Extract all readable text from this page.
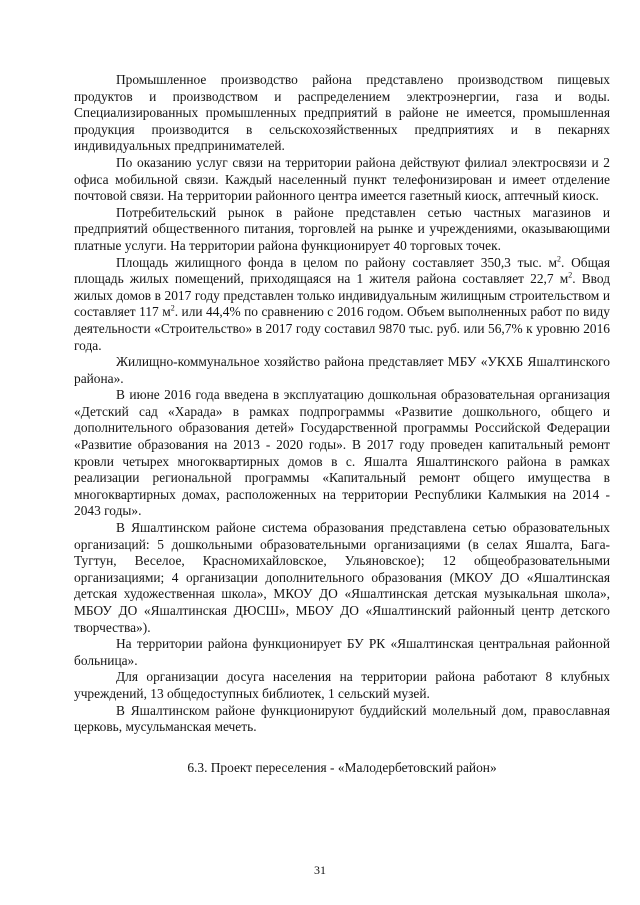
Промышленное производство района представлено производством пищевых продуктов и производством и распределением электроэнергии, газа и воды. Специализированных промышленных предприятий в районе не имеется, промышленная продукция производится в сельскохозяйственных предприятиях и в пекарнях индивидуальных предпринимателей.

По оказанию услуг связи на территории района действуют филиал электросвязи и 2 офиса мобильной связи. Каждый населенный пункт телефонизирован и имеет отделение почтовой связи. На территории районного центра имеется газетный киоск, аптечный киоск.

Потребительский рынок в районе представлен сетью частных магазинов и предприятий общественного питания, торговлей на рынке и учреждениями, оказывающими платные услуги. На территории района функционирует 40 торговых точек.

Площадь жилищного фонда в целом по району составляет 350,3 тыс. $м^2$. Общая площадь жилых помещений, приходящаяся на 1 жителя района составляет 22,7 $м^2$. Ввод жилых домов в 2017 году представлен только индивидуальным жилищным строительством и составляет 117 $м^2$. или 44,4% по сравнению с 2016 годом. Объем выполненных работ по виду деятельности «Строительство» в 2017 году составил 9870 тыс. руб. или 56,7% к уровню 2016 года.

Жилищно-коммунальное хозяйство района представляет МБУ «УКХБ Яшалтинского района».

В июне 2016 года введена в эксплуатацию дошкольная образовательная организация «Детский сад «Харада» в рамках подпрограммы «Развитие дошкольного, общего и дополнительного образования детей» Государственной программы Российской Федерации «Развитие образования на 2013 - 2020 годы». В 2017 году проведен капитальный ремонт кровли четырех многоквартирных домов в с. Яшалта Яшалтинского района в рамках реализации региональной программы «Капитальный ремонт общего имущества в многоквартирных домах, расположенных на территории Республики Калмыкия на 2014 - 2043 годы».

В Яшалтинском районе система образования представлена сетью образовательных организаций: 5 дошкольными образовательными организациями (в селах Яшалта, Бага-Тугтун, Веселое, Красномихайловское, Ульяновское); 12 общеобразовательными организациями; 4 организации дополнительного образования (МКОУ ДО «Яшалтинская детская художественная школа», МКОУ ДО «Яшалтинская детская музыкальная школа», МБОУ ДО «Яшалтинская ДЮСШ», МБОУ ДО «Яшалтинский районный центр детского творчества»).

На территории района функционирует БУ РК «Яшалтинская центральная районной больница».

Для организации досуга населения на территории района работают 8 клубных учреждений, 13 общедоступных библиотек, 1 сельский музей.

В Яшалтинском районе функционируют буддийский молельный дом, православная церковь, мусульманская мечеть.

6.3. Проект переселения - «Малодербетовский район»

31
